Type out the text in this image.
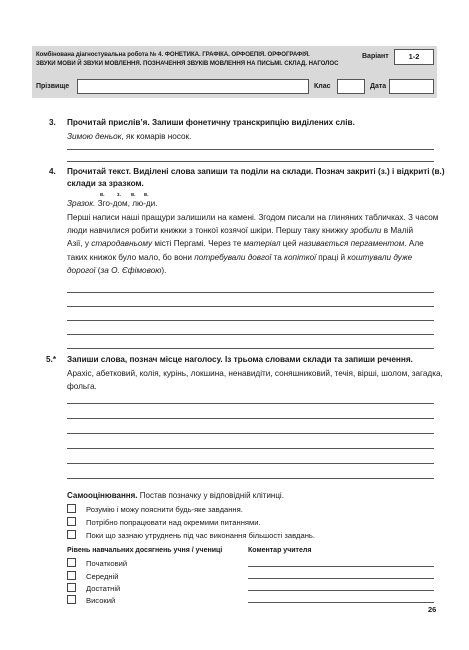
Комбінована діагностувальна робота № 4. ФОНЕТИКА. ГРАФІКА. ОРФОЕПІЯ. ОРФОГРАФІЯ.
ЗВУКИ МОВИ Й ЗВУКИ МОВЛЕННЯ. ПОЗНАЧЕННЯ ЗВУКІВ МОВЛЕННЯ НА ПИСЬМІ. СКЛАД. НАГОЛОС
Варіант	1-2
Прізвище	Клас	Дата
3. Прочитай прислів’я. Запиши фонетичну транскрипцію виділених слів.
Зимою деньок, як комарів носок.
4. Прочитай текст. Виділені слова запиши та поділи на склади. Познач закриті (з.) і відкриті (в.)
склади за зразком.
в.	з. в. в.
Зразок. Зго-дом, лю-ди.
Перші написи наші пращури залишили на камені. Згодом писали на глиняних табличках. З часом
люди навчилися робити книжки з тонкої козячої шкіри. Першу таку книжку зробили в Малій
Азії, у стародавньому місті Пергамі. Через те матеріал цей називається пергаментом. Але
таких книжок було мало, бо вони потребували довгої та копіткої праці й коштували дуже
дорогої (за О. Єфімовою).
5.* Запиши слова, познач місце наголосу. Із трьома словами склади та запиши речення.
Арахіс, абетковий, колія, курінь, локшина, ненавидіти, соняшниковий, течія, вірші, шолом, загадка,
фольга.
Самооцінювання. Постав позначку у відповідній клітинці.
Розумію і можу пояснити будь-яке завдання.
Потрібно попрацювати над окремими питаннями.
Поки що зазнаю утруднень під час виконання більшості завдань.
Рівень навчальних досягнень учня / учениці	Коментар учителя
Початковий
Середній
Достатній
Високий
26
